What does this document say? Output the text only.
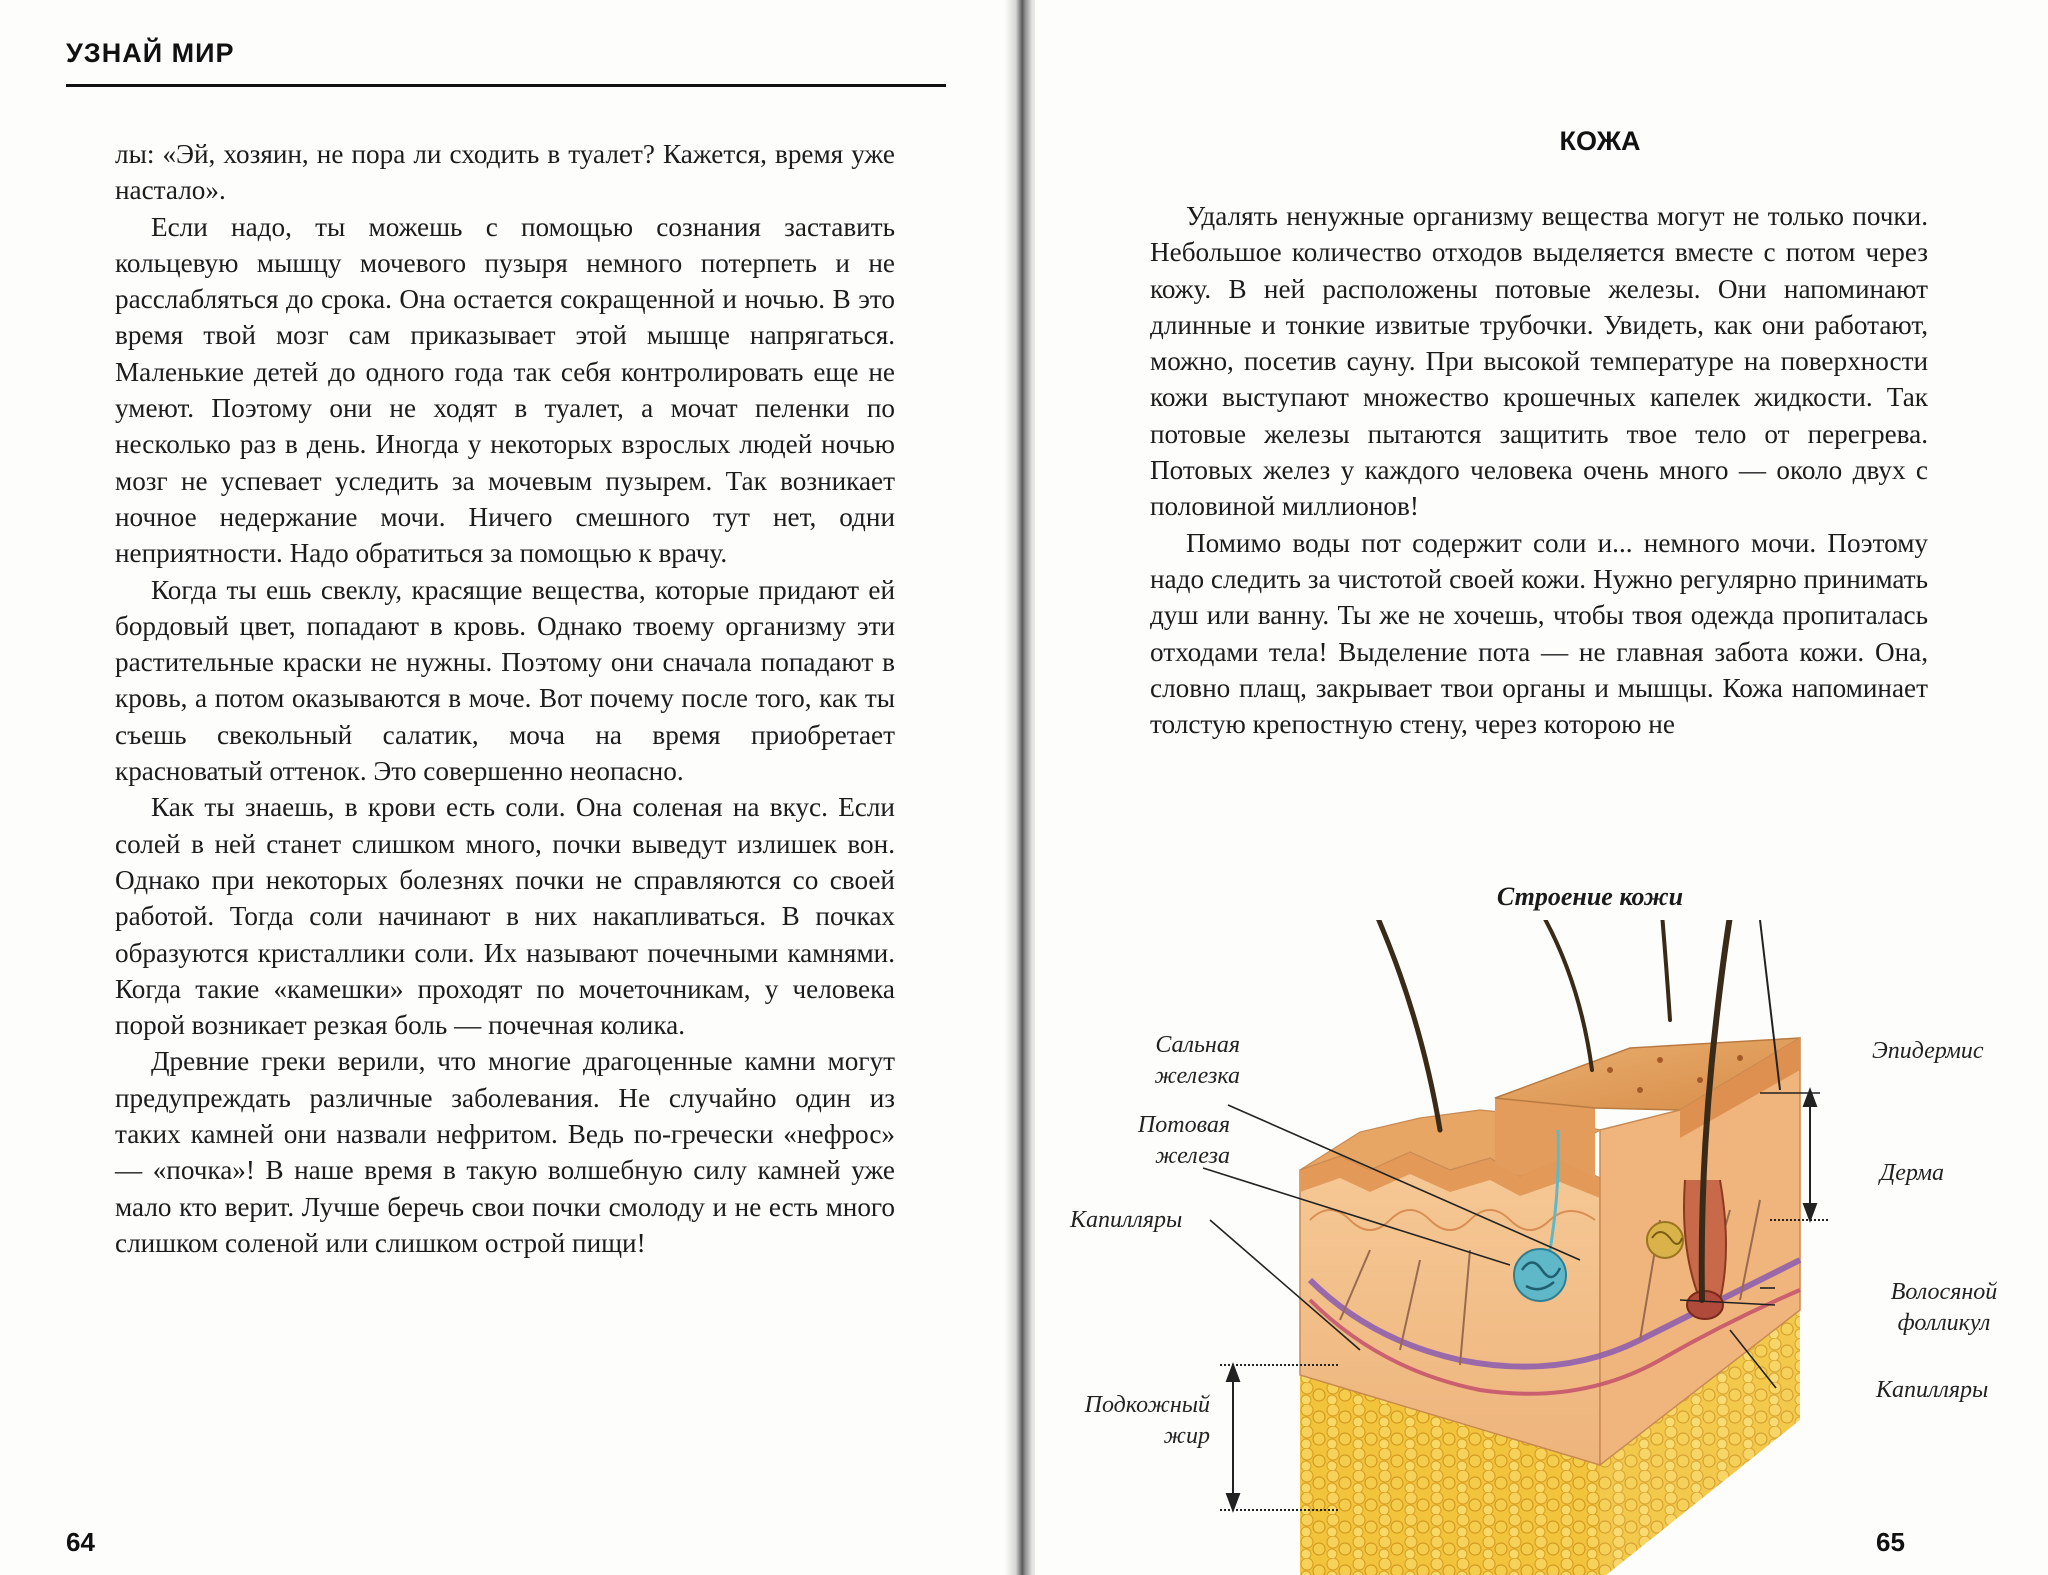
УЗНАЙ МИР

лы: «Эй, хозяин, не пора ли сходить в туалет? Кажется, время уже настало».

Если надо, ты можешь с помощью сознания заставить кольцевую мышцу мочевого пузыря немного потерпеть и не расслабляться до срока. Она остается сокращенной и ночью. В это время твой мозг сам приказывает этой мышце напрягаться. Маленькие детей до одного года так себя контролировать еще не умеют. Поэтому они не ходят в туалет, а мочат пеленки по несколько раз в день. Иногда у некоторых взрослых людей ночью мозг не успевает уследить за мочевым пузырем. Так возникает ночное недержание мочи. Ничего смешного тут нет, одни неприятности. Надо обратиться за помощью к врачу.

Когда ты ешь свеклу, красящие вещества, которые придают ей бордовый цвет, попадают в кровь. Однако твоему организму эти растительные краски не нужны. Поэтому они сначала попадают в кровь, а потом оказываются в моче. Вот почему после того, как ты съешь свекольный салатик, моча на время приобретает красноватый оттенок. Это совершенно неопасно.

Как ты знаешь, в крови есть соли. Она соленая на вкус. Если солей в ней станет слишком много, почки выведут излишек вон. Однако при некоторых болезнях почки не справляются со своей работой. Тогда соли начинают в них накапливаться. В почках образуются кристаллики соли. Их называют почечными камнями. Когда такие «камешки» проходят по мочеточникам, у человека порой возникает резкая боль — почечная колика.

Древние греки верили, что многие драгоценные камни могут предупреждать различные заболевания. Не случайно один из таких камней они назвали нефритом. Ведь по-гречески «нефрос» — «почка»! В наше время в такую волшебную силу камней уже мало кто верит. Лучше беречь свои почки смолоду и не есть много слишком соленой или слишком острой пищи!

64
КОЖА

Удалять ненужные организму вещества могут не только почки. Небольшое количество отходов выделяется вместе с потом через кожу. В ней расположены потовые железы. Они напоминают длинные и тонкие извитые трубочки. Увидеть, как они работают, можно, посетив сауну. При высокой температуре на поверхности кожи выступают множество крошечных капелек жидкости. Так потовые железы пытаются защитить твое тело от перегрева. Потовых желез у каждого человека очень много — около двух с половиной миллионов!

Помимо воды пот содержит соли и... немного мочи. Поэтому надо следить за чистотой своей кожи. Нужно регулярно принимать душ или ванну. Ты же не хочешь, чтобы твоя одежда пропиталась отходами тела! Выделение пота — не главная забота кожи. Она, словно плащ, закрывает твои органы и мышцы. Кожа напоминает толстую крепостную стену, через которою не

Строение кожи
Сальная
железка
Потовая
железа
Капилляры
Подкожный
жир
Эпидермис
Дерма
Волосяной
фолликул
Капилляры
65
